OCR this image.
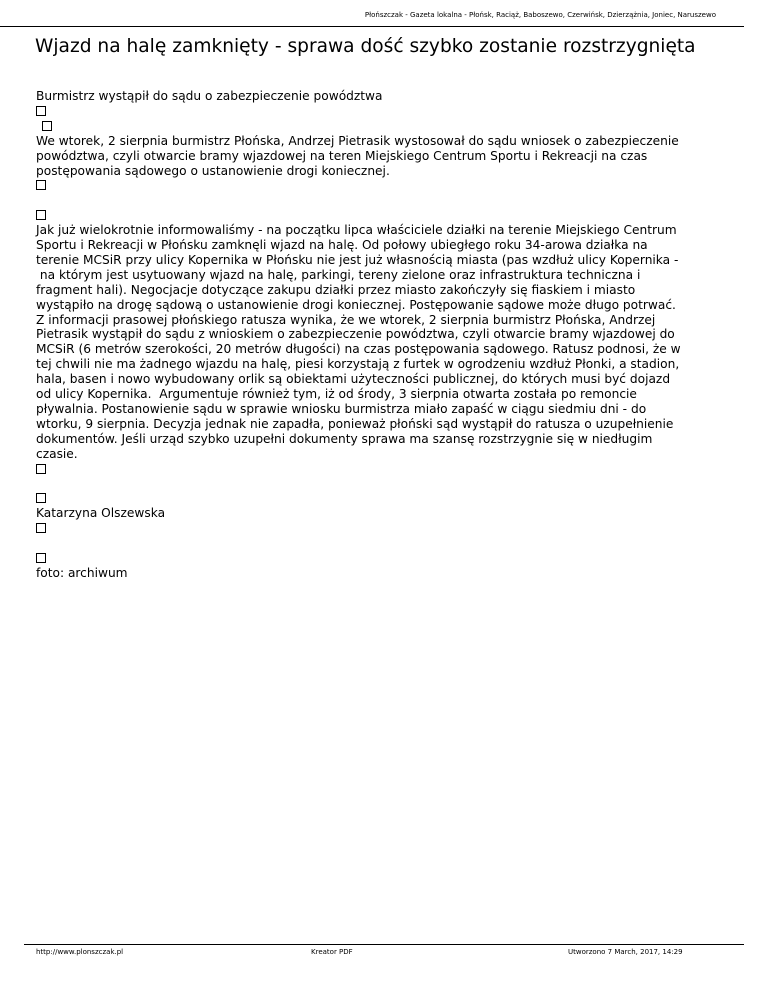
Płońszczak - Gazeta lokalna - Płońsk, Raciąż, Baboszewo, Czerwińsk, Dzierzążnia, Joniec, Naruszewo
Wjazd na halę zamknięty - sprawa dość szybko zostanie rozstrzygnięta

Burmistrz wystąpił do sądu o zabezpieczenie powództwa

We wtorek, 2 sierpnia burmistrz Płońska, Andrzej Pietrasik wystosował do sądu wniosek o zabezpieczenie powództwa, czyli otwarcie bramy wjazdowej na teren Miejskiego Centrum Sportu i Rekreacji na czas postępowania sądowego o ustanowienie drogi koniecznej.

Jak już wielokrotnie informowaliśmy - na początku lipca właściciele działki na terenie Miejskiego Centrum
Sportu i Rekreacji w Płońsku zamknęli wjazd na halę. Od połowy ubiegłego roku 34-arowa działka na
terenie MCSiR przy ulicy Kopernika w Płońsku nie jest już własnością miasta (pas wzdłuż ulicy Kopernika -
na którym jest usytuowany wjazd na halę, parkingi, tereny zielone oraz infrastruktura techniczna i
fragment hali). Negocjacje dotyczące zakupu działki przez miasto zakończyły się fiaskiem i miasto
wystąpiło na drogę sądową o ustanowienie drogi koniecznej. Postępowanie sądowe może długo potrwać.
Z informacji prasowej płońskiego ratusza wynika, że we wtorek, 2 sierpnia burmistrz Płońska, Andrzej
Pietrasik wystąpił do sądu z wnioskiem o zabezpieczenie powództwa, czyli otwarcie bramy wjazdowej do
MCSiR (6 metrów szerokości, 20 metrów długości) na czas postępowania sądowego. Ratusz podnosi, że w
tej chwili nie ma żadnego wjazdu na halę, piesi korzystają z furtek w ogrodzeniu wzdłuż Płonki, a stadion,
hala, basen i nowo wybudowany orlik są obiektami użyteczności publicznej, do których musi być dojazd
od ulicy Kopernika.  Argumentuje również tym, iż od środy, 3 sierpnia otwarta została po remoncie
pływalnia. Postanowienie sądu w sprawie wniosku burmistrza miało zapaść w ciągu siedmiu dni - do
wtorku, 9 sierpnia. Decyzja jednak nie zapadła, ponieważ płoński sąd wystąpił do ratusza o uzupełnienie
dokumentów. Jeśli urząd szybko uzupełni dokumenty sprawa ma szansę rozstrzygnie się w niedługim
czasie.

Katarzyna Olszewska

foto: archiwum

http://www.plonszczak.pl	Kreator PDF	Utworzono 7 March, 2017, 14:29
